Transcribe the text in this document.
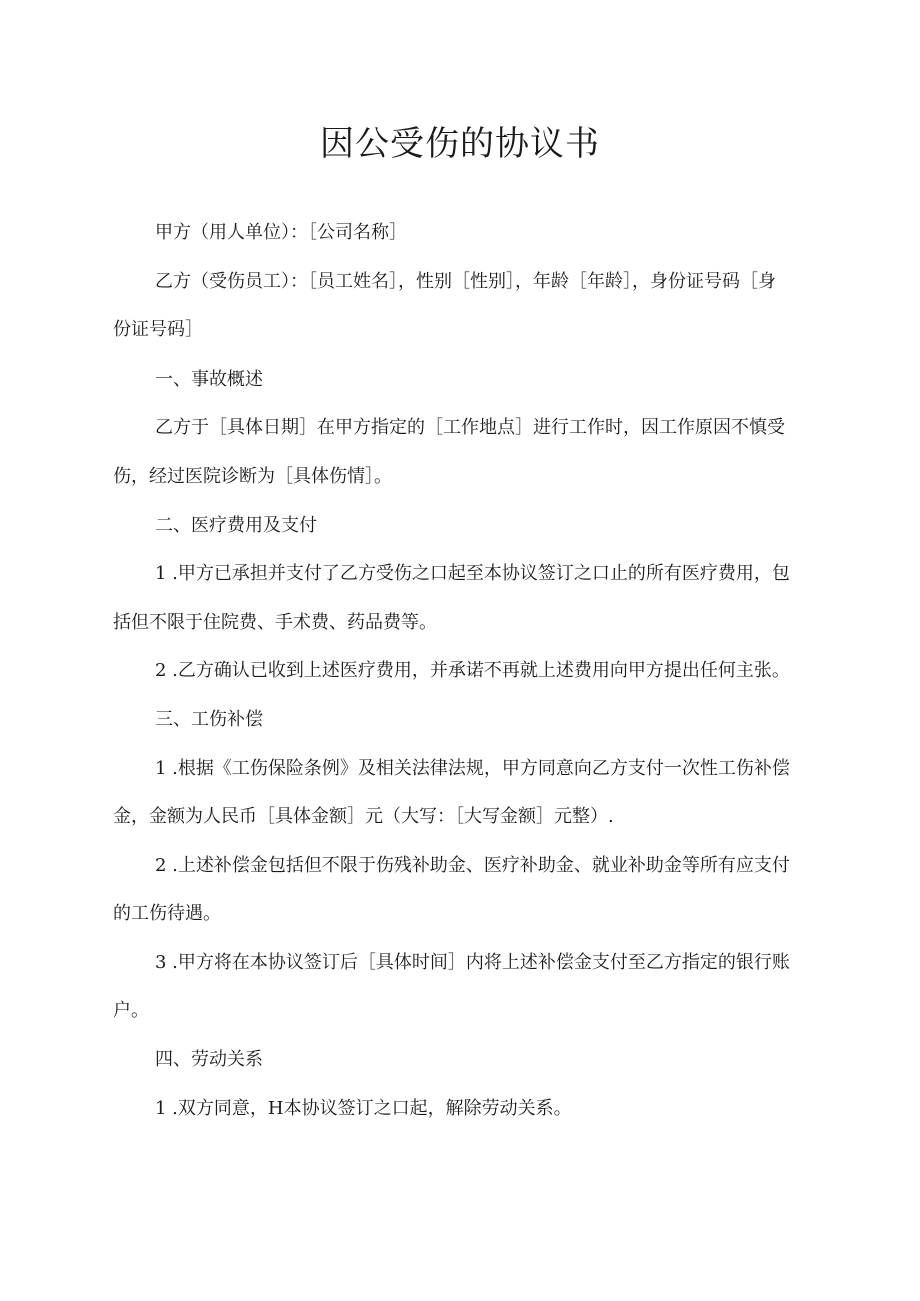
因公受伤的协议书

甲方（用人单位）：［公司名称］

乙方（受伤员工）：［员工姓名］，性别［性别］，年龄［年龄］，身份证号码［身

份证号码］

一、事故概述

乙方于［具体日期］在甲方指定的［工作地点］进行工作时，因工作原因不慎受

伤，经过医院诊断为［具体伤情］。

二、医疗费用及支付

1 .甲方已承担并支付了乙方受伤之口起至本协议签订之口止的所有医疗费用，包

括但不限于住院费、手术费、药品费等。

2 .乙方确认已收到上述医疗费用，并承诺不再就上述费用向甲方提出任何主张。

三、工伤补偿

1 .根据《工伤保险条例》及相关法律法规，甲方同意向乙方支付一次性工伤补偿

金，金额为人民币［具体金额］元（大写：［大写金额］元整）.

2 .上述补偿金包括但不限于伤残补助金、医疗补助金、就业补助金等所有应支付

的工伤待遇。

3 .甲方将在本协议签订后［具体时间］内将上述补偿金支付至乙方指定的银行账

户。

四、劳动关系

1 .双方同意，H本协议签订之口起，解除劳动关系。
